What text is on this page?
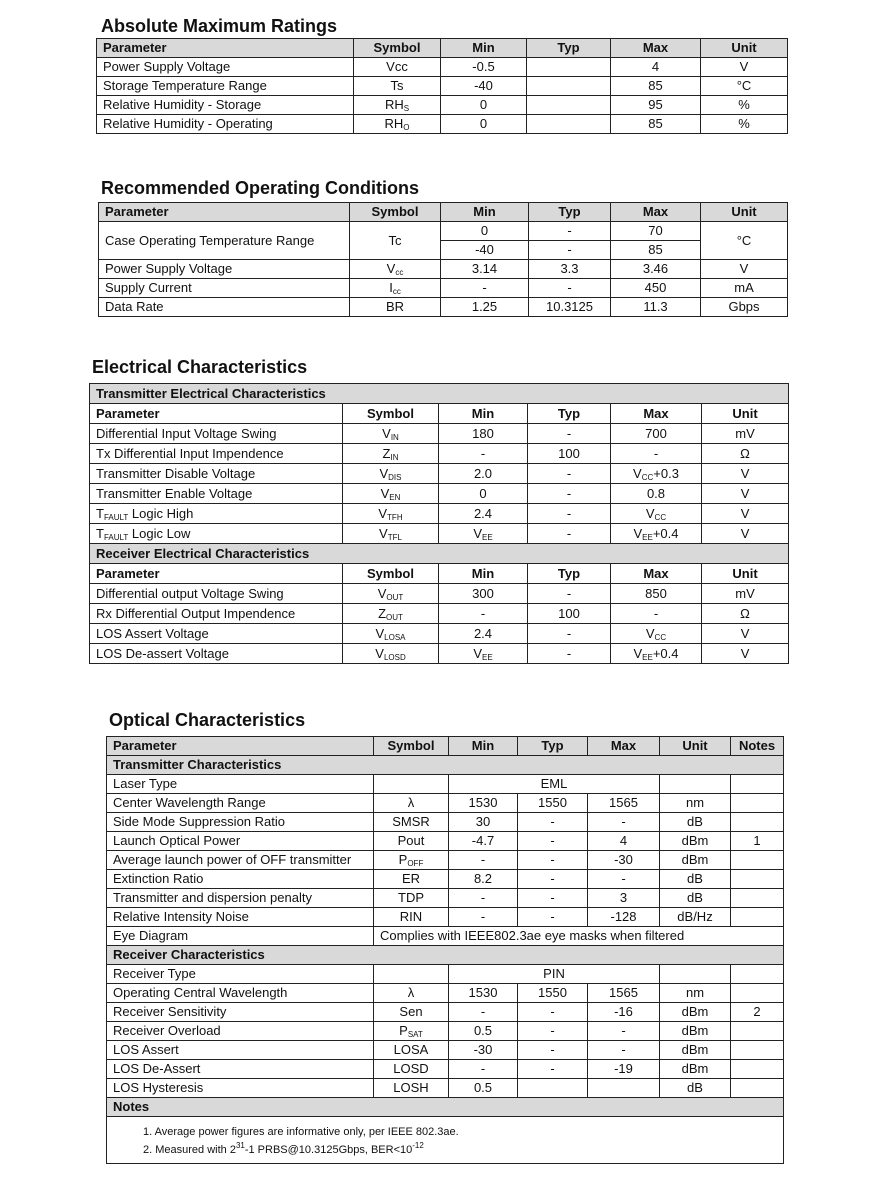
Absolute Maximum Ratings
Parameter	Symbol	Min	Typ	Max	Unit
Power Supply Voltage	Vcc	-0.5		4	V
Storage Temperature Range	Ts	-40		85	°C
Relative Humidity - Storage	$RH_S$	0		95	%
Relative Humidity - Operating	$RH_O$	0		85	%
Recommended Operating Conditions
Parameter	Symbol	Min	Typ	Max	Unit
Case Operating Temperature Range	Tc	0	-	70	°C
		-40	-	85	
Power Supply Voltage	$V_{cc}$	3.14	3.3	3.46	V
Supply Current	$I_{cc}$	-	-	450	mA
Data Rate	BR	1.25	10.3125	11.3	Gbps
Electrical Characteristics
Transmitter Electrical Characteristics					
Parameter	Symbol	Min	Typ	Max	Unit
Differential Input Voltage Swing	$V_{IN}$	180	-	700	mV
Tx Differential Input Impendence	$Z_{IN}$	-	100	-	Ω
Transmitter Disable Voltage	$V_{DIS}$	2.0	-	$V_{CC}+0.3$	V
Transmitter Enable Voltage	$V_{EN}$	0	-	0.8	V
$T_{FAULT}$ Logic High	$V_{TFH}$	2.4	-	$V_{CC}$	V
$T_{FAULT}$ Logic Low	$V_{TFL}$	$V_{EE}$	-	$V_{EE}+0.4$	V
Receiver Electrical Characteristics					
Parameter	Symbol	Min	Typ	Max	Unit
Differential output Voltage Swing	$V_{OUT}$	300	-	850	mV
Rx Differential Output Impendence	$Z_{OUT}$	-	100	-	Ω
LOS Assert Voltage	$V_{LOSA}$	2.4	-	$V_{CC}$	V
LOS De-assert Voltage	$V_{LOSD}$	$V_{EE}$	-	$V_{EE}+0.4$	V
Optical Characteristics
Parameter	Symbol	Min	Typ	Max	Unit	Notes
Transmitter Characteristics						
Laser Type		EML				
Center Wavelength Range	λ	1530	1550	1565	nm	
Side Mode Suppression Ratio	SMSR	30	-	-	dB	
Launch Optical Power	Pout	-4.7	-	4	dBm	1
Average launch power of OFF transmitter	$P_{OFF}$	-	-	-30	dBm	
Extinction Ratio	ER	8.2	-	-	dB	
Transmitter and dispersion penalty	TDP	-	-	3	dB	
Relative Intensity Noise	RIN	-	-	-128	dB/Hz	
Eye Diagram	Complies with IEEE802.3ae eye masks when filtered					
Receiver Characteristics						
Receiver Type		PIN				
Operating Central Wavelength	λ	1530	1550	1565	nm	
Receiver Sensitivity	Sen	-	-	-16	dBm	2
Receiver Overload	$P_{SAT}$	0.5	-	-	dBm	
LOS Assert	LOSA	-30	-	-	dBm	
LOS De-Assert	LOSD	-	-	-19	dBm	
LOS Hysteresis	LOSH	0.5			dB	
Notes						

1. Average power figures are informative only, per IEEE 802.3ae.
2. Measured with $2^{31}-1$ PRBS@10.3125Gbps, $BER<10^{-12}$
